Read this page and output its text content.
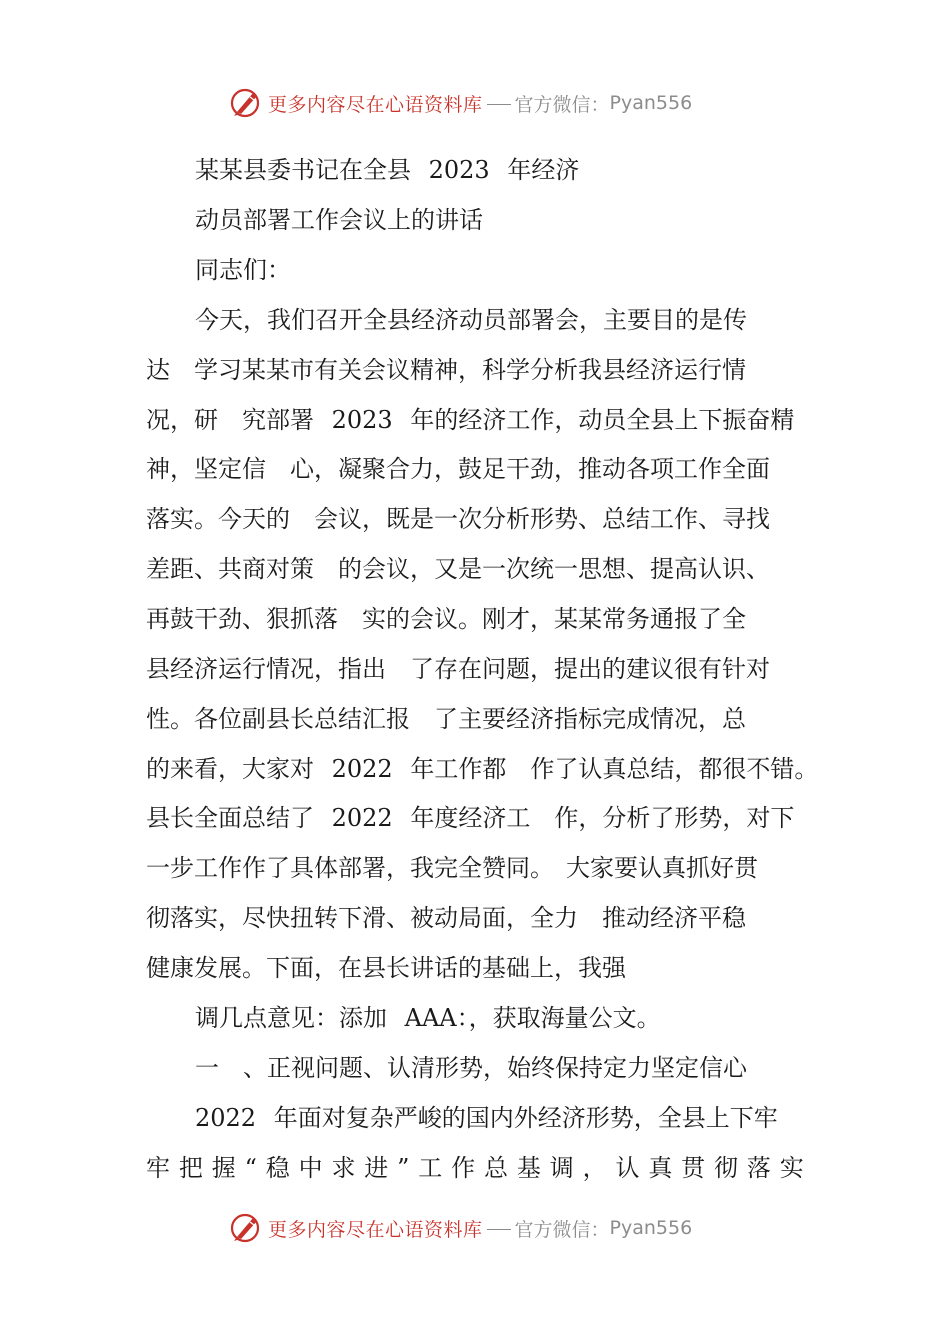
更多内容尽在心语资料库 官方微信： Pyan556
某某县委书记在全县 2023 年经济
动员部署工作会议上的讲话
同志们：
今天，我们召开全县经济动员部署会，主要目的是传
达　学习某某市有关会议精神，科学分析我县经济运行情
况，研　究部署 2023 年的经济工作，动员全县上下振奋精
神，坚定信　心，凝聚合力，鼓足干劲，推动各项工作全面
落实。今天的　会议，既是一次分析形势、总结工作、寻找
差距、共商对策　的会议，又是一次统一思想、提高认识、
再鼓干劲、狠抓落　实的会议。刚才，某某常务通报了全
县经济运行情况，指出　了存在问题，提出的建议很有针对
性。各位副县长总结汇报　了主要经济指标完成情况，总
的来看，大家对 2022 年工作都　作了认真总结，都很不错。
县长全面总结了 2022 年度经济工　作，分析了形势，对下
一步工作作了具体部署，我完全赞同。　大家要认真抓好贯
彻落实，尽快扭转下滑、被动局面，全力　推动经济平稳
健康发展。下面，在县长讲话的基础上，我强
调几点意见：添加 AAA：，获取海量公文。
一　、正视问题、认清形势，始终保持定力坚定信心
2022 年面对复杂严峻的国内外经济形势，全县上下牢
牢 把 握 “ 稳 中 求 进 ” 工 作 总 基 调 ， 认 真 贯 彻 落 实
更多内容尽在心语资料库 官方微信： Pyan556
